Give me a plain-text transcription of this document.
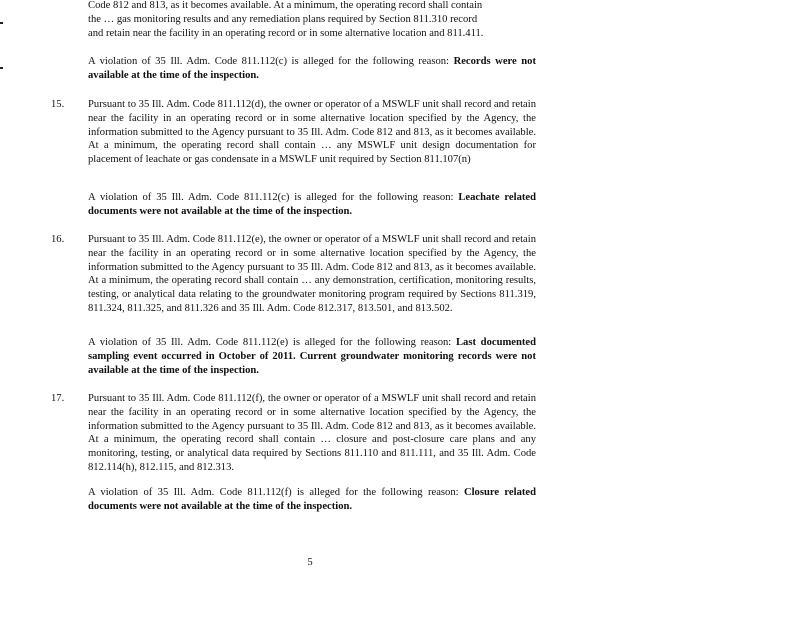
Code 812 and 813, as it becomes available. At a minimum, the operating record shall contain

the … gas monitoring results and any remediation plans required by Section 811.310 record

and retain near the facility in an operating record or in some alternative location and 811.411.

A violation of 35 Ill. Adm. Code 811.112(c) is alleged for the following reason: Records were not available at the time of the inspection.

15. Pursuant to 35 Ill. Adm. Code 811.112(d), the owner or operator of a MSWLF unit shall record and retain near the facility in an operating record or in some alternative location specified by the Agency, the information submitted to the Agency pursuant to 35 Ill. Adm. Code 812 and 813, as it becomes available. At a minimum, the operating record shall contain … any MSWLF unit design documentation for placement of leachate or gas condensate in a MSWLF unit required by Section 811.107(n)

A violation of 35 Ill. Adm. Code 811.112(c) is alleged for the following reason: Leachate related documents were not available at the time of the inspection.

16. Pursuant to 35 Ill. Adm. Code 811.112(e), the owner or operator of a MSWLF unit shall record and retain near the facility in an operating record or in some alternative location specified by the Agency, the information submitted to the Agency pursuant to 35 Ill. Adm. Code 812 and 813, as it becomes available. At a minimum, the operating record shall contain … any demonstration, certification, monitoring results, testing, or analytical data relating to the groundwater monitoring program required by Sections 811.319, 811.324, 811.325, and 811.326 and 35 Ill. Adm. Code 812.317, 813.501, and 813.502.

A violation of 35 Ill. Adm. Code 811.112(e) is alleged for the following reason: Last documented sampling event occurred in October of 2011. Current groundwater monitoring records were not available at the time of the inspection.

17. Pursuant to 35 Ill. Adm. Code 811.112(f), the owner or operator of a MSWLF unit shall record and retain near the facility in an operating record or in some alternative location specified by the Agency, the information submitted to the Agency pursuant to 35 Ill. Adm. Code 812 and 813, as it becomes available. At a minimum, the operating record shall contain … closure and post-closure care plans and any monitoring, testing, or analytical data required by Sections 811.110 and 811.111, and 35 Ill. Adm. Code 812.114(h), 812.115, and 812.313.

A violation of 35 Ill. Adm. Code 811.112(f) is alleged for the following reason: Closure related documents were not available at the time of the inspection.

5
